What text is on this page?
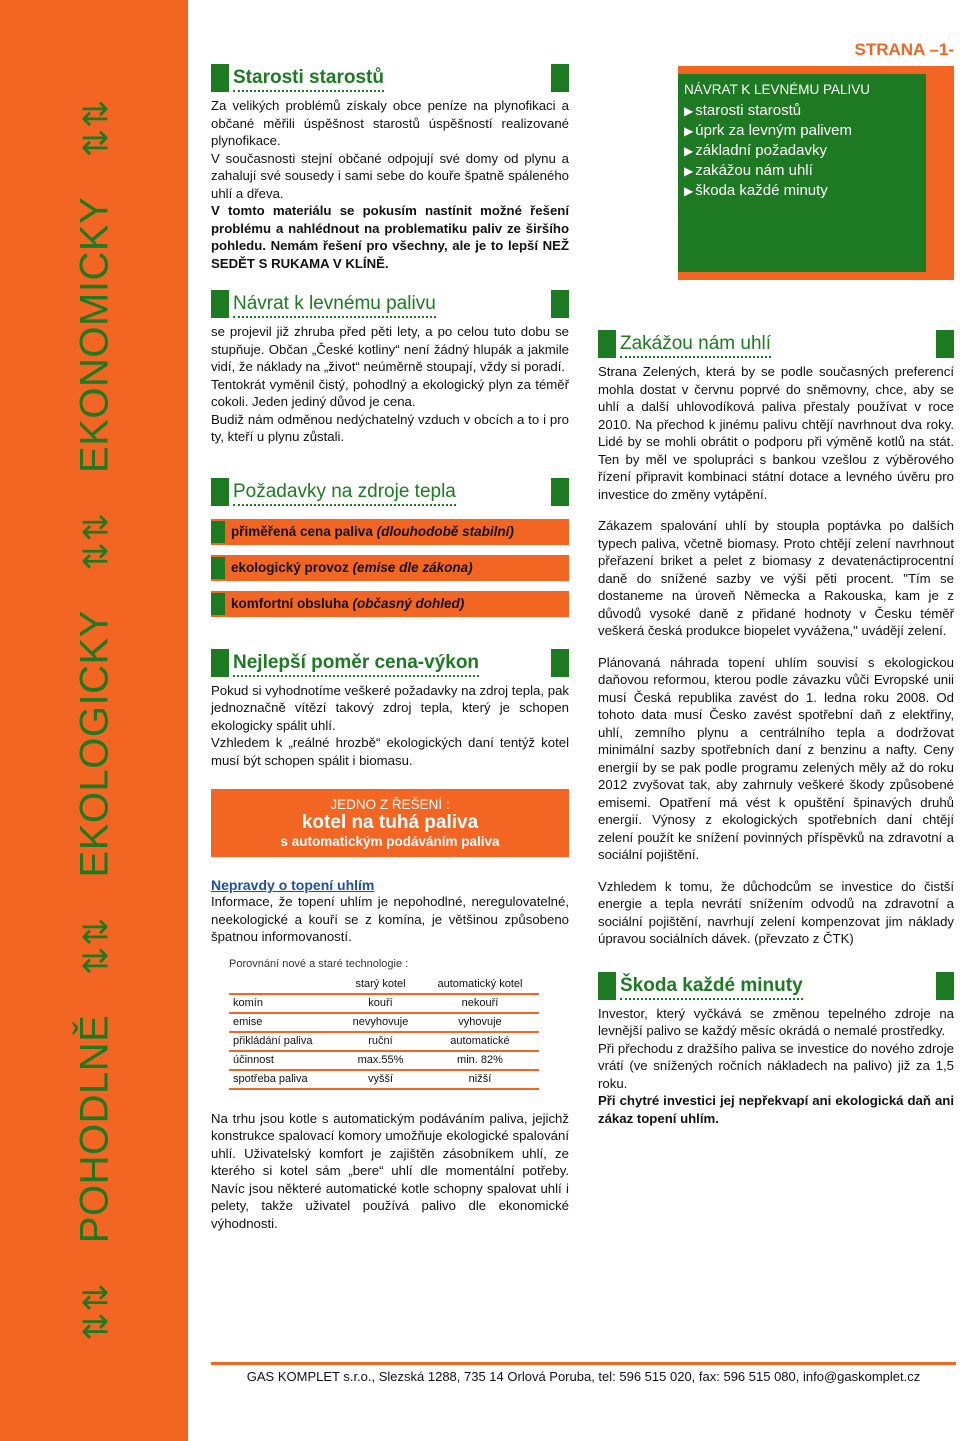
⇅⇅ POHODLNĚ ⇅⇅ EKOLOGICKY ⇅⇅ EKONOMICKY ⇅⇅
STRANA –1-
NÁVRAT K LEVNÉMU PALIVU
▶ starosti starostů
▶ úprk za levným palivem
▶ základní požadavky
▶ zakážou nám uhlí
▶ škoda každé minuty
Starosti starostů

Za velikých problémů získaly obce peníze na plynofikaci a občané měřili úspěšnost starostů úspěšností realizované plynofikace.

V současnosti stejní občané odpojují své domy od plynu a zahalují své sousedy i sami sebe do kouře špatně spáleného uhlí a dřeva.

V tomto materiálu se pokusím nastínit možné řešení problému a nahlédnout na problematiku paliv ze širšího pohledu. Nemám řešení pro všechny, ale je to lepší NEŽ SEDĚT S RUKAMA V KLÍNĚ.

Návrat k levnému palivu

se projevil již zhruba před pěti lety, a po celou tuto dobu se stupňuje. Občan „České kotliny“ není žádný hlupák a jakmile vidí, že náklady na „život“ neúměrně stoupají, vždy si poradí.

Tentokrát vyměnil čistý, pohodlný a ekologický plyn za téměř cokoli. Jeden jediný důvod je cena.

Budiž nám odměnou nedýchatelný vzduch v obcích a to i pro ty, kteří u plynu zůstali.

Požadavky na zdroje tepla
přiměřená cena paliva (dlouhodobě stabilní)
ekologický provoz (emise dle zákona)
komfortní obsluha (občasný dohled)
Nejlepší poměr cena-výkon

Pokud si vyhodnotíme veškeré požadavky na zdroj tepla, pak jednoznačně vítězí takový zdroj tepla, který je schopen ekologicky spálit uhlí.

Vzhledem k „reálné hrozbě“ ekologických daní tentýž kotel musí být schopen spálit i biomasu.

JEDNO Z ŘEŠENÍ :
kotel na tuhá paliva
s automatickým podáváním paliva
Nepravdy o topení uhlím

Informace, že topení uhlím je nepohodlné, neregulovatelné, neekologické a kouří se z komína, je většinou způsobeno špatnou informovaností.

Porovnání nové a staré technologie :
	starý kotel	automatický kotel
komín	kouří	nekouří
emise	nevyhovuje	vyhovuje
přikládání paliva	ruční	automatické
účinnost	max.55%	min. 82%
spotřeba paliva	vyšší	nižší

Na trhu jsou kotle s automatickým podáváním paliva, jejichž konstrukce spalovací komory umožňuje ekologické spalování uhlí. Uživatelský komfort je zajištěn zásobníkem uhlí, ze kterého si kotel sám „bere“ uhlí dle momentální potřeby. Navíc jsou některé automatické kotle schopny spalovat uhlí i pelety, takže uživatel používá palivo dle ekonomické výhodnosti.

Zakážou nám uhlí

Strana Zelených, která by se podle současných preferencí mohla dostat v červnu poprvé do sněmovny, chce, aby se uhlí a další uhlovodíková paliva přestaly používat v roce 2010. Na přechod k jinému palivu chtějí navrhnout dva roky. Lidé by se mohli obrátit o podporu při výměně kotlů na stát. Ten by měl ve spolupráci s bankou vzešlou z výběrového řízení připravit kombinaci státní dotace a levného úvěru pro investice do změny vytápění.

Zákazem spalování uhlí by stoupla poptávka po dalších typech paliva, včetně biomasy. Proto chtějí zelení navrhnout přeřazení briket a pelet z biomasy z devatenáctiprocentní daně do snížené sazby ve výši pěti procent. "Tím se dostaneme na úroveň Německa a Rakouska, kam je z důvodů vysoké daně z přidané hodnoty v Česku téměř veškerá česká produkce biopelet vyvážena," uvádějí zelení.

Plánovaná náhrada topení uhlím souvisí s ekologickou daňovou reformou, kterou podle závazku vůči Evropské unii musí Česká republika zavést do 1. ledna roku 2008. Od tohoto data musí Česko zavést spotřební daň z elektřiny, uhlí, zemního plynu a centrálního tepla a dodržovat minimální sazby spotřebních daní z benzinu a nafty. Ceny energií by se pak podle programu zelených měly až do roku 2012 zvyšovat tak, aby zahrnuly veškeré škody způsobené emisemi. Opatření má vést k opuštění špinavých druhů energií. Výnosy z ekologických spotřebních daní chtějí zelení použít ke snížení povinných příspěvků na zdravotní a sociální pojištění.

Vzhledem k tomu, že důchodcům se investice do čistší energie a tepla nevrátí snížením odvodů na zdravotní a sociální pojištění, navrhují zelení kompenzovat jim náklady úpravou sociálních dávek. (převzato z ČTK)

Škoda každé minuty

Investor, který vyčkává se změnou tepelného zdroje na levnější palivo se každý měsíc okrádá o nemalé prostředky.

Při přechodu z dražšího paliva se investice do nového zdroje vrátí (ve snížených ročních nákladech na palivo) již za 1,5 roku.

Při chytré investici jej nepřekvapí ani ekologická daň ani zákaz topení uhlím.

GAS KOMPLET s.r.o., Slezská 1288, 735 14 Orlová Poruba, tel: 596 515 020, fax: 596 515 080, info@gaskomplet.cz
